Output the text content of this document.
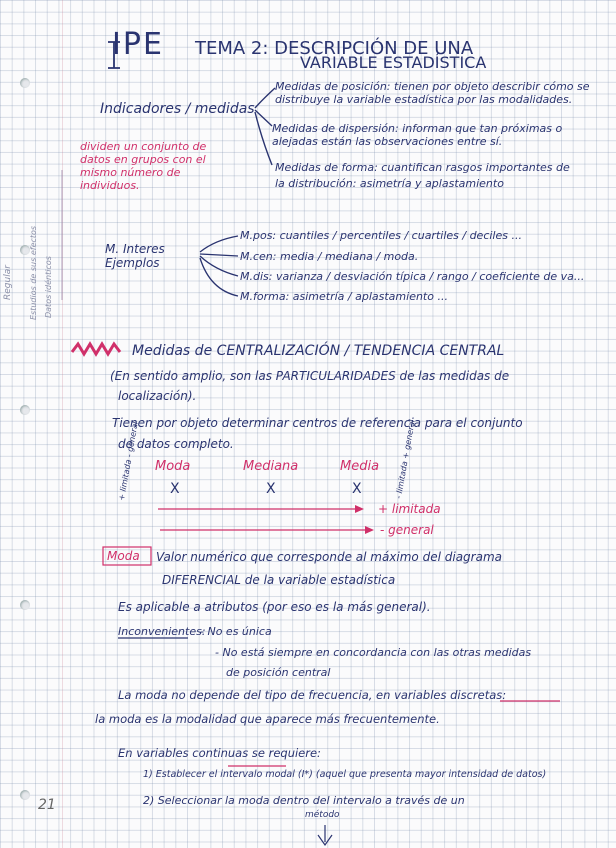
IPE TEMA 2: DESCRIPCIÓN DE UNA
VARIABLE ESTADÍSTICA
Indicadores / medidas
Medidas de posición: tienen por objeto describir cómo se distribuye la variable estadística por las modalidades.
Medidas de dispersión: informan que tan próximas o alejadas están las observaciones entre sí.
Medidas de forma: cuantifican rasgos importantes de la distribución: asimetría y aplastamiento
dividen un conjunto de datos en grupos con el mismo número de individuos.
Regular Estudios de sus efectos Datos idénticos
M. Interes Ejemplos
M.pos: cuantiles / percentiles / cuartiles / deciles ...
M.cen: media / mediana / moda.
M.dis: varianza / desviación típica / rango / coeficiente de va...
M.forma: asimetría / aplastamiento ...
Medidas de CENTRALIZACIÓN / TENDENCIA CENTRAL
(En sentido amplio, son las PARTICULARIDADES de las medidas de
localización).
Tienen por objeto determinar centros de referencia para el conjunto
de datos completo.
Moda	Mediana	Media
X	X	X
+ limitada - general	- limitada + general
+ limitada
- general
Moda Valor numérico que corresponde al máximo del diagrama
DIFERENCIAL de la variable estadística
Es aplicable a atributos (por eso es la más general).
Inconvenientes:
- No es única
- No está siempre en concordancia con las otras medidas
de posición central
La moda no depende del tipo de frecuencia, en variables discretas:
la moda es la modalidad que aparece más frecuentemente.
En variables continuas se requiere:
1) Establecer el intervalo modal (I*) (aquel que presenta mayor intensidad de datos)
2) Seleccionar la moda dentro del intervalo a través de un
método
21
